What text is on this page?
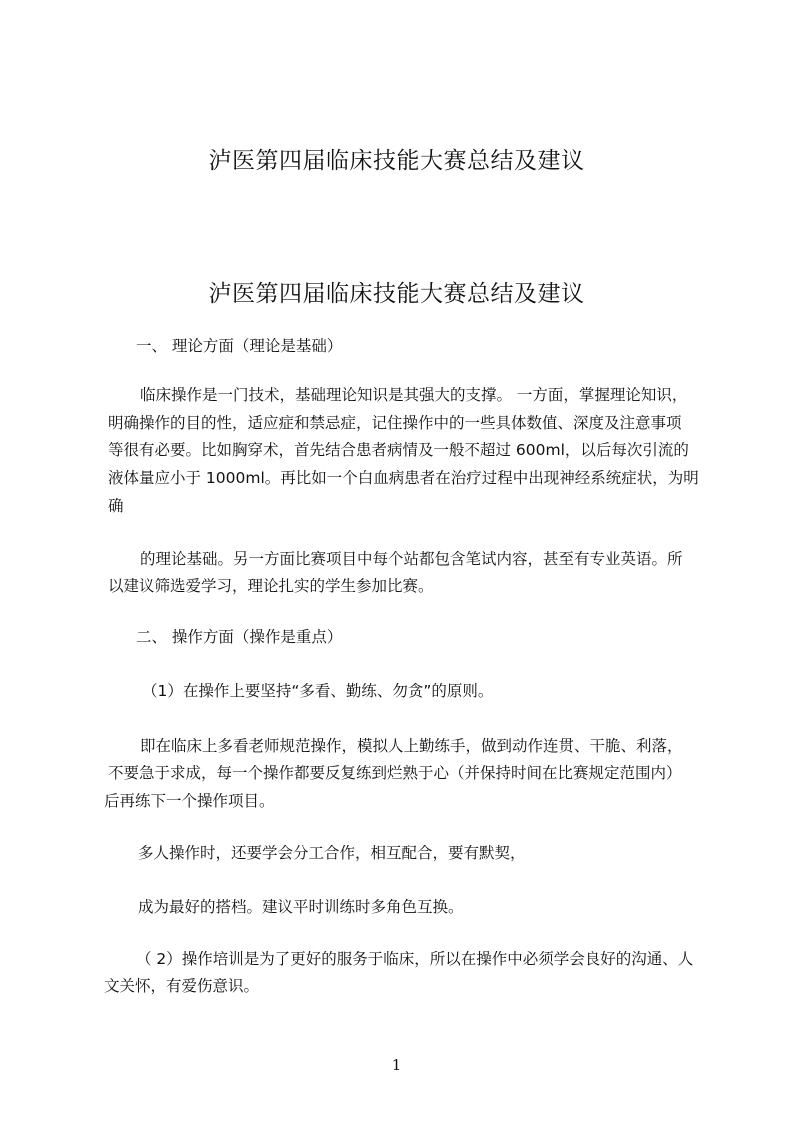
泸医第四届临床技能大赛总结及建议
泸医第四届临床技能大赛总结及建议

一、 理论方面（理论是基础）

临床操作是一门技术，基础理论知识是其强大的支撑。 一方面，掌握理论知识，

明确操作的目的性，适应症和禁忌症，记住操作中的一些具体数值、深度及注意事项

等很有必要。比如胸穿术，首先结合患者病情及一般不超过 600ml，以后每次引流的

液体量应小于 1000ml。再比如一个白血病患者在治疗过程中出现神经系统症状，为明

确

的理论基础。另一方面比赛项目中每个站都包含笔试内容，甚至有专业英语。所

以建议筛选爱学习，理论扎实的学生参加比赛。

二、 操作方面（操作是重点）

（1）在操作上要坚持“多看、勤练、勿贪”的原则。

即在临床上多看老师规范操作，模拟人上勤练手，做到动作连贯、干脆、利落，

不要急于求成，每一个操作都要反复练到烂熟于心（并保持时间在比赛规定范围内）

后再练下一个操作项目。

多人操作时，还要学会分工合作，相互配合，要有默契，

成为最好的搭档。建议平时训练时多角色互换。

（ 2）操作培训是为了更好的服务于临床，所以在操作中必须学会良好的沟通、人

文关怀，有爱伤意识。

1
